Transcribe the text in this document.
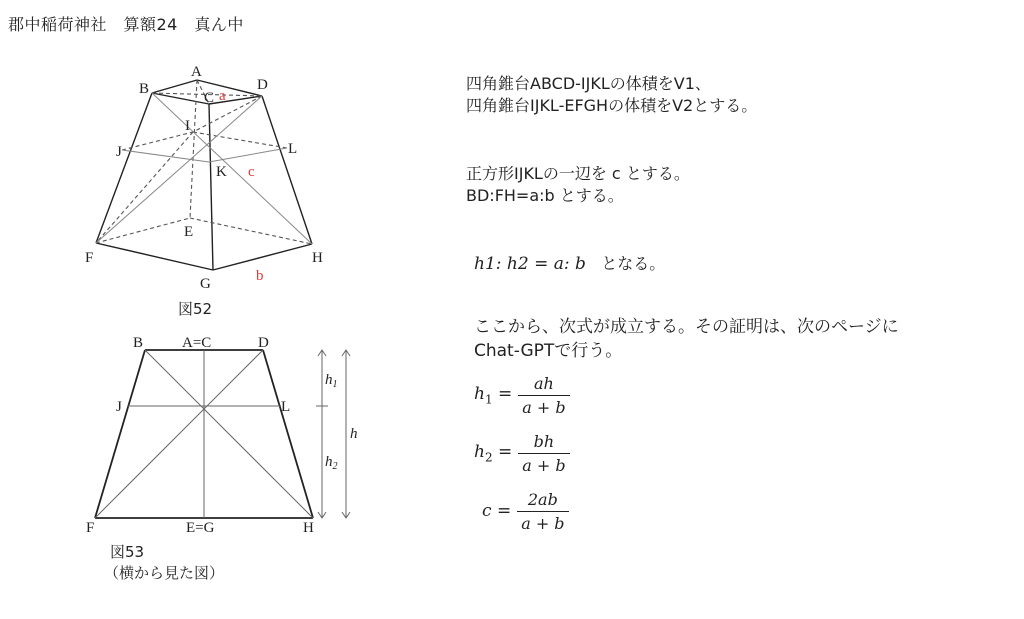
郡中稲荷神社　算額24　真ん中
A
B
C
D
I
J
K
L
E
F
G
H
a
c
b
図52
B	A=C	D
J	L
F	E=G	H
$h_1$
$h_2$
h
図53
（横から見た図）
四角錐台ABCD-IJKLの体積をV1、
四角錐台IJKL-EFGHの体積をV2とする。
正方形IJKLの一辺を c とする。
BD:FH=a:b とする。
h1: h2 = a: b となる。
ここから、次式が成立する。その証明は、次のページに
Chat-GPTで行う。
$h_1 = \frac{ah}{a + b}$
$h_2 = \frac{bh}{a + b}$
$c = \frac{2ab}{a + b}$
